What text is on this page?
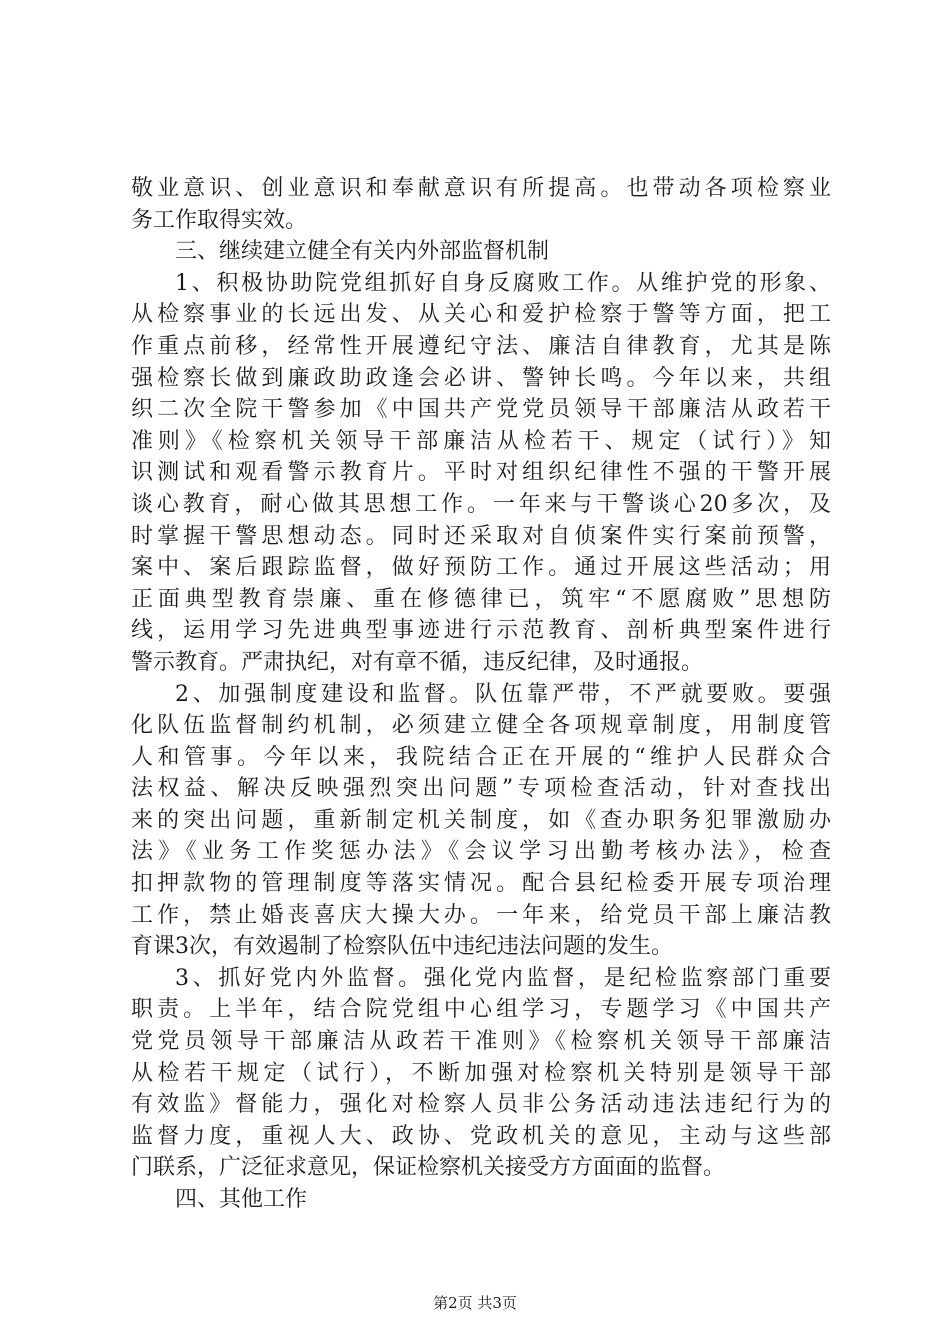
敬业意识、创业意识和奉献意识有所提高。也带动各项检察业
务工作取得实效。
三、继续建立健全有关内外部监督机制
1、积极协助院党组抓好自身反腐败工作。从维护党的形象、
从检察事业的长远出发、从关心和爱护检察于警等方面，把工
作重点前移，经常性开展遵纪守法、廉洁自律教育，尤其是陈
强检察长做到廉政助政逢会必讲、警钟长鸣。今年以来，共组
织二次全院干警参加《中国共产党党员领导干部廉洁从政若干
准则》《检察机关领导干部廉洁从检若干、规定（试行）》知
识测试和观看警示教育片。平时对组织纪律性不强的干警开展
谈心教育，耐心做其思想工作。一年来与干警谈心20多次，及
时掌握干警思想动态。同时还采取对自侦案件实行案前预警，
案中、案后跟踪监督，做好预防工作。通过开展这些活动；用
正面典型教育崇廉、重在修德律已，筑牢“不愿腐败”思想防
线，运用学习先进典型事迹进行示范教育、剖析典型案件进行
警示教育。严肃执纪，对有章不循，违反纪律，及时通报。
2、加强制度建设和监督。队伍靠严带，不严就要败。要强
化队伍监督制约机制，必须建立健全各项规章制度，用制度管
人和管事。今年以来，我院结合正在开展的“维护人民群众合
法权益、解决反映强烈突出问题”专项检查活动，针对查找出
来的突出问题，重新制定机关制度，如《查办职务犯罪激励办
法》《业务工作奖惩办法》《会议学习出勤考核办法》，检查
扣押款物的管理制度等落实情况。配合县纪检委开展专项治理
工作，禁止婚丧喜庆大操大办。一年来，给党员干部上廉洁教
育课3次，有效遏制了检察队伍中违纪违法问题的发生。
3、抓好党内外监督。强化党内监督，是纪检监察部门重要
职责。上半年，结合院党组中心组学习，专题学习《中国共产
党党员领导干部廉洁从政若干准则》《检察机关领导干部廉洁
从检若干规定（试行），不断加强对检察机关特别是领导干部
有效监》督能力，强化对检察人员非公务活动违法违纪行为的
监督力度，重视人大、政协、党政机关的意见，主动与这些部
门联系，广泛征求意见，保证检察机关接受方方面面的监督。
四、其他工作
第2页 共3页
